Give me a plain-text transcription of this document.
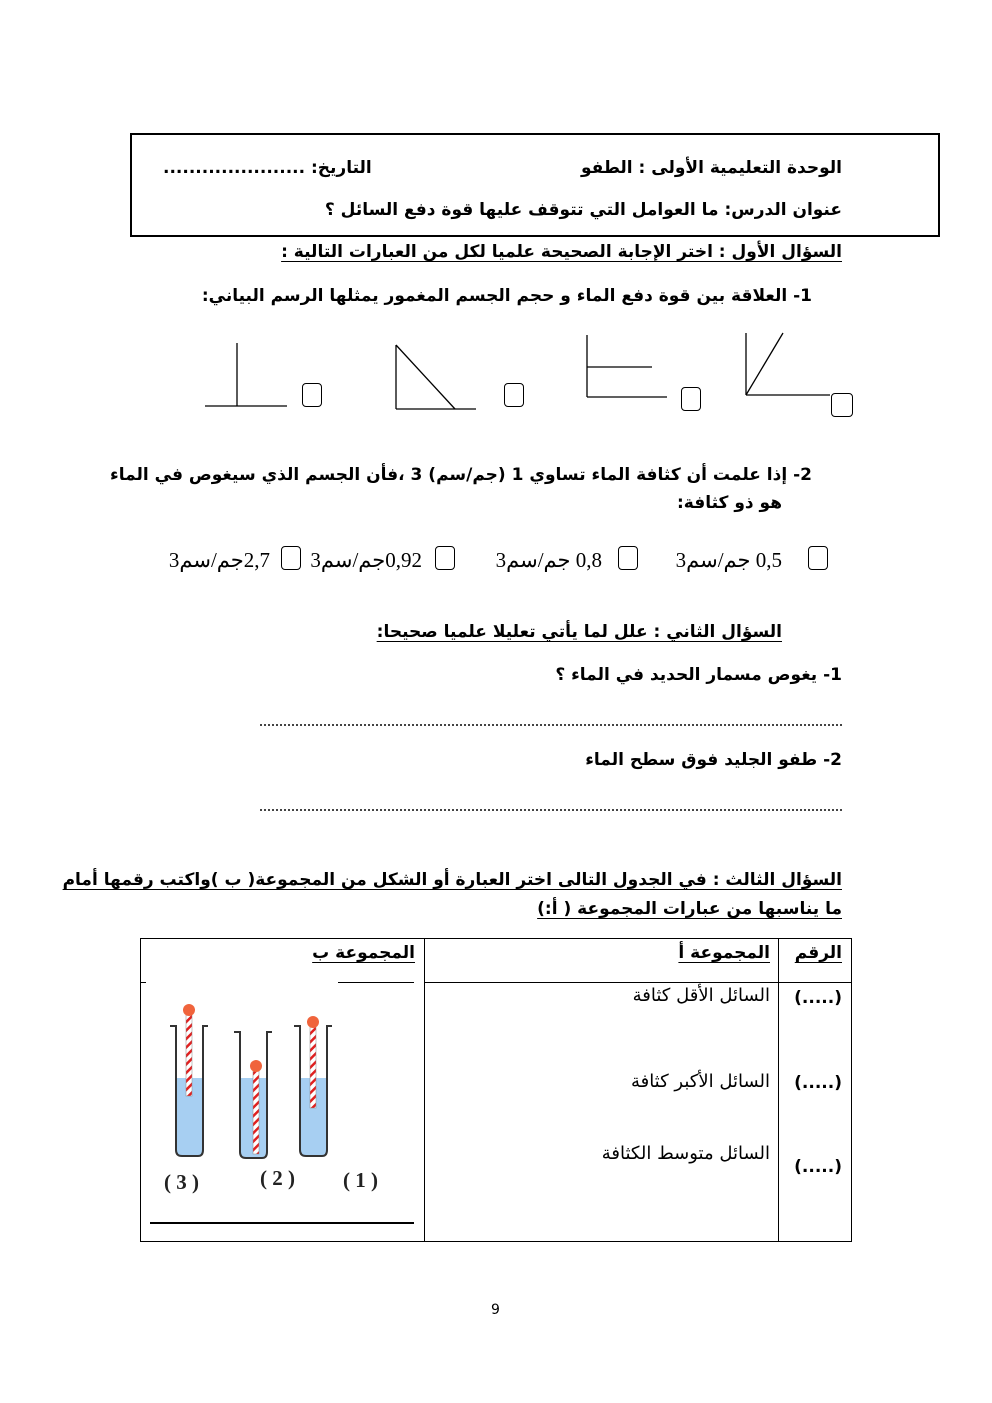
الوحدة التعليمية الأولى : الطفو
التاريخ: ......................
عنوان الدرس: ما العوامل التي تتوقف عليها قوة دفع السائل ؟
السؤال الأول : اختر الإجابة الصحيحة علميا لكل من العبارات التالية :
1- العلاقة بين قوة دفع الماء و حجم الجسم المغمور يمثلها الرسم البياني:
2- إذا علمت أن كثافة الماء تساوي 1 (جم/سم) 3 ،فأن الجسم الذي سيغوص في الماء
هو ذو كثافة:
0,5 جم/سم3
0,8 جم/سم3
0,92جم/سم3
2,7جم/سم3
السؤال الثاني : علل لما يأتي تعليلا علميا صحيحا:
1- يغوص مسمار الحديد في الماء ؟
2- طفو الجليد فوق سطح الماء
السؤال الثالث : في الجدول التالى اختر العبارة أو الشكل من المجموعة( ب )واكتب رقمها أمام
ما يناسبها من عبارات المجموعة ( أ:)
الرقم
المجموعة أ
المجموعة ب
(.....)
السائل الأقل كثافة
(.....)
السائل الأكبر كثافة
(.....)
السائل متوسط الكثافة
( 1 )
( 2 )
( 3 )
9
